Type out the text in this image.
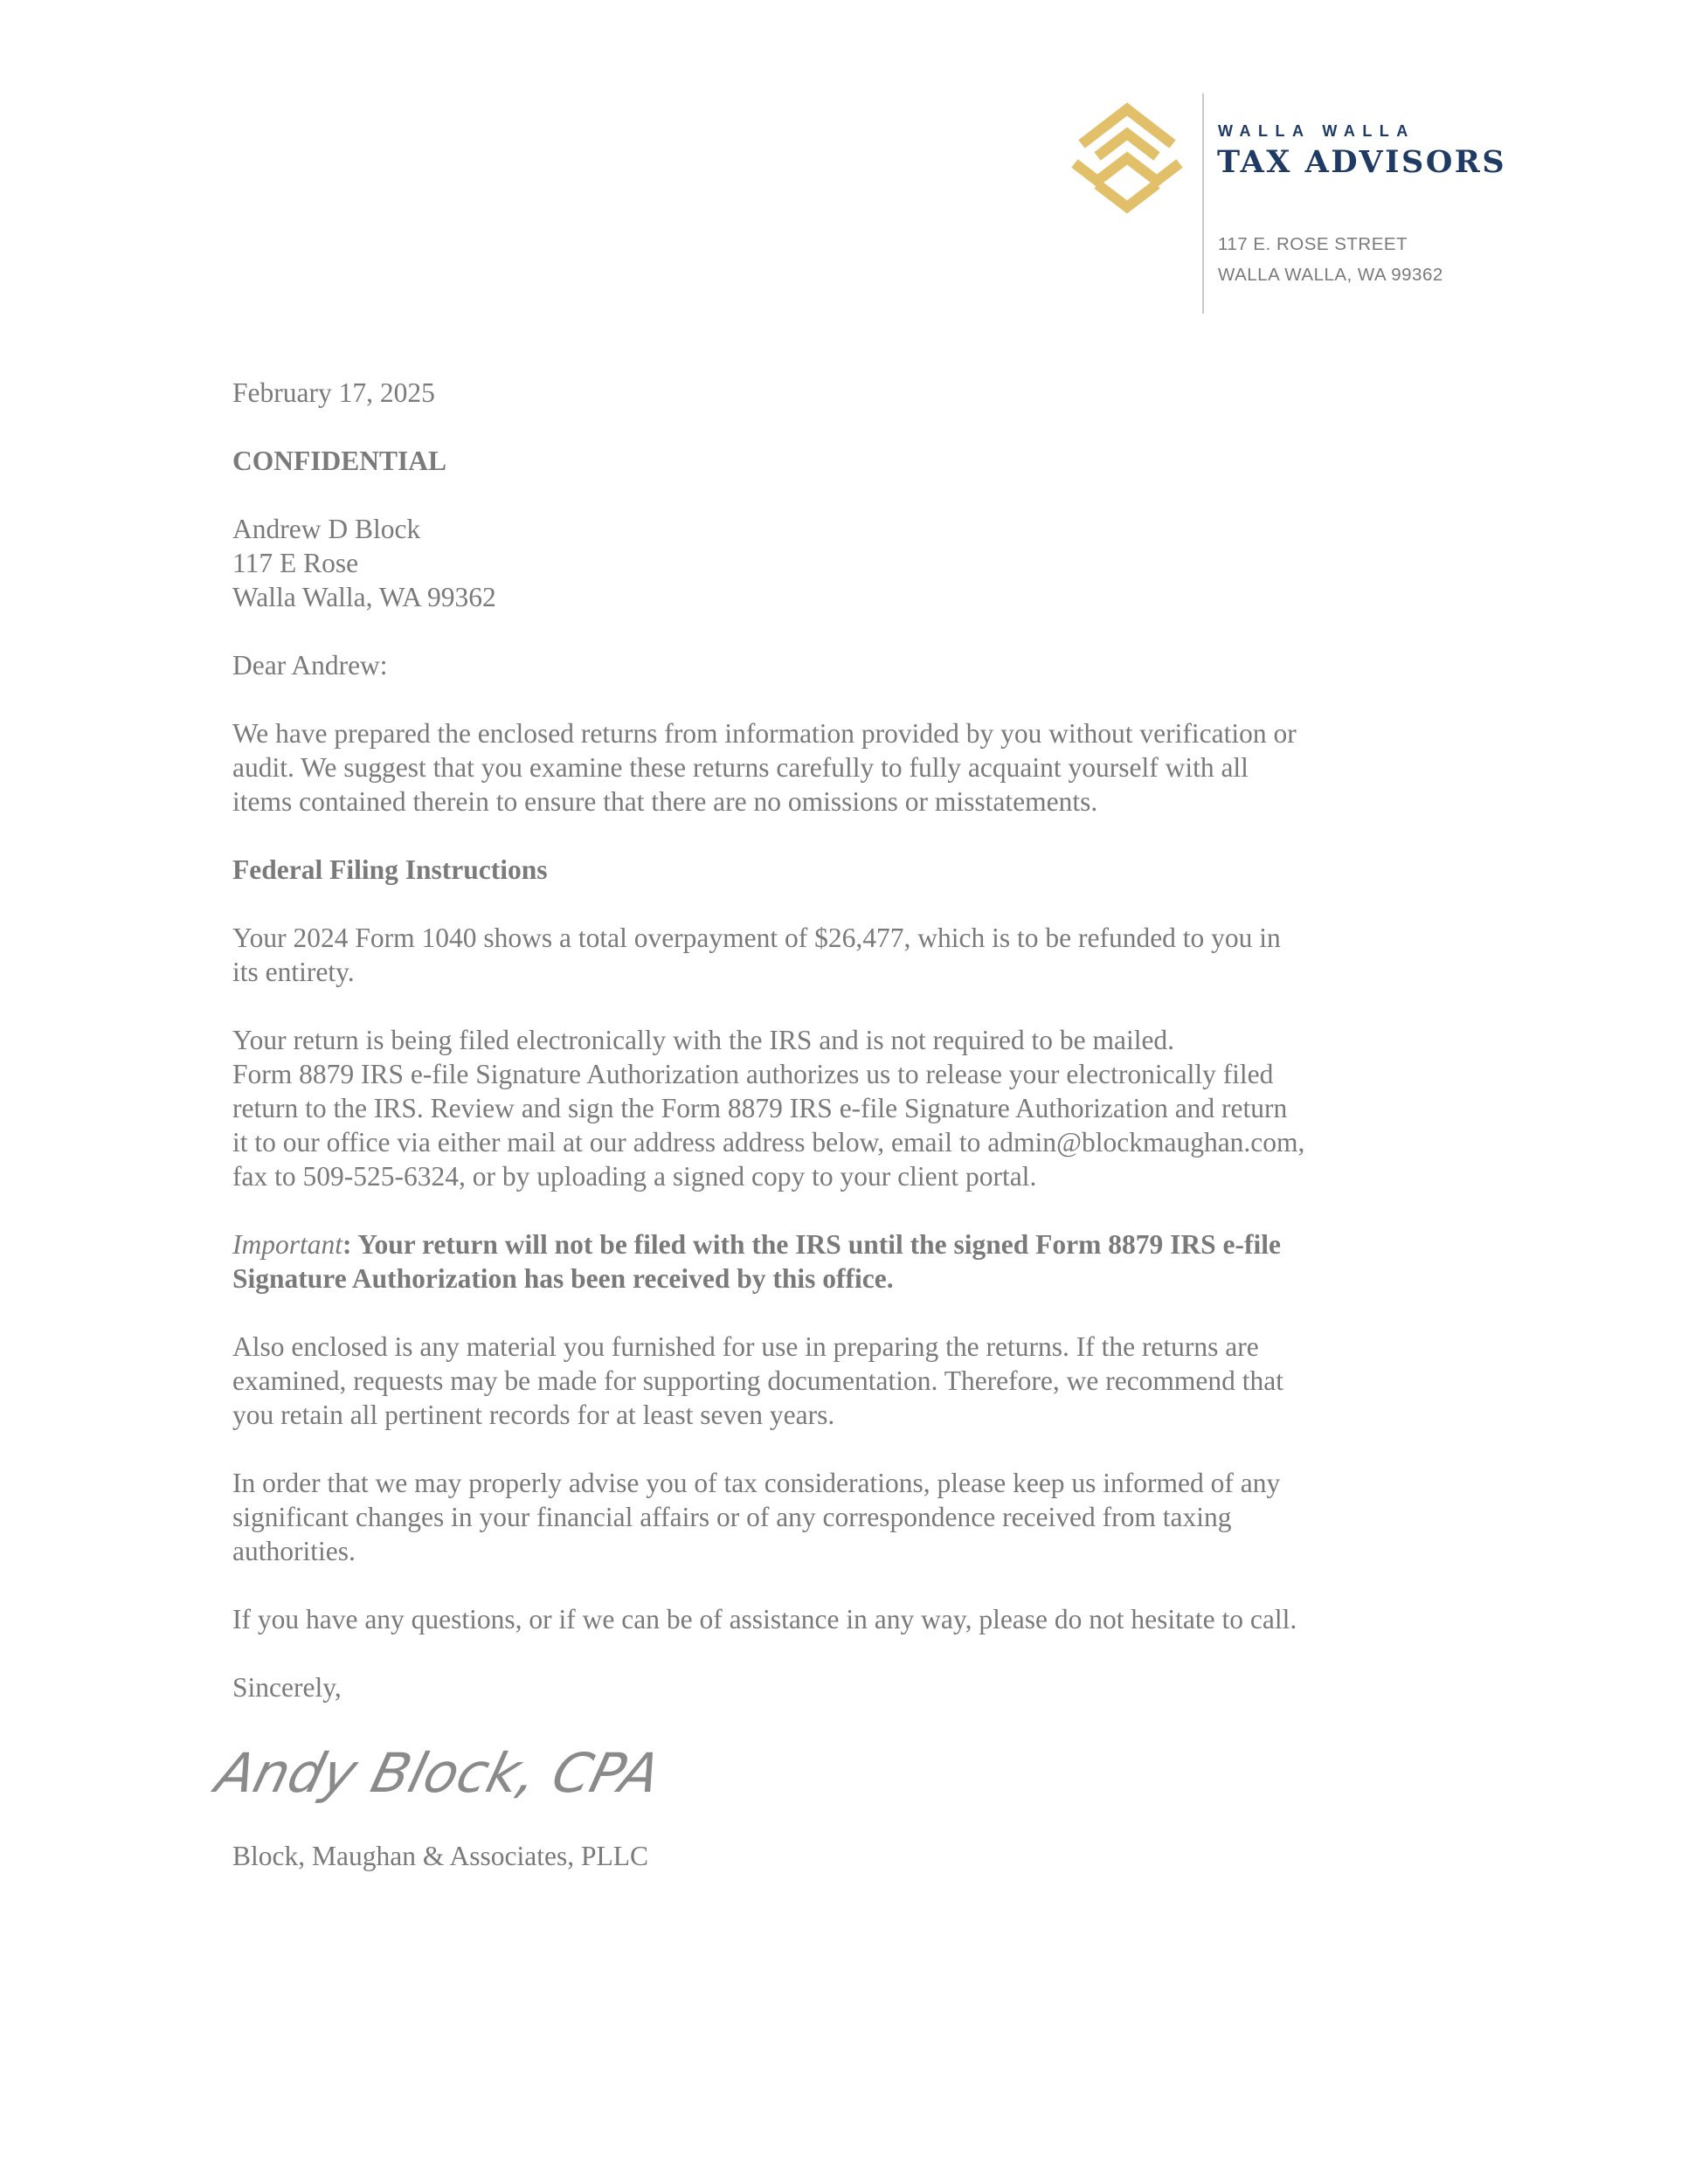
WALLA WALLA
TAX ADVISORS
117 E. ROSE STREET
WALLA WALLA, WA 99362

February 17, 2025

CONFIDENTIAL

Andrew D Block
117 E Rose
Walla Walla, WA 99362

Dear Andrew:

We have prepared the enclosed returns from information provided by you without verification or
audit. We suggest that you examine these returns carefully to fully acquaint yourself with all
items contained therein to ensure that there are no omissions or misstatements.

Federal Filing Instructions

Your 2024 Form 1040 shows a total overpayment of $26,477, which is to be refunded to you in
its entirety.

Your return is being filed electronically with the IRS and is not required to be mailed.
Form 8879 IRS e-file Signature Authorization authorizes us to release your electronically filed
return to the IRS. Review and sign the Form 8879 IRS e-file Signature Authorization and return
it to our office via either mail at our address address below, email to admin@blockmaughan.com,
fax to 509-525-6324, or by uploading a signed copy to your client portal.

Important: Your return will not be filed with the IRS until the signed Form 8879 IRS e-file
Signature Authorization has been received by this office.

Also enclosed is any material you furnished for use in preparing the returns. If the returns are
examined, requests may be made for supporting documentation. Therefore, we recommend that
you retain all pertinent records for at least seven years.

In order that we may properly advise you of tax considerations, please keep us informed of any
significant changes in your financial affairs or of any correspondence received from taxing
authorities.

If you have any questions, or if we can be of assistance in any way, please do not hesitate to call.

Sincerely,

Andy Block, CPA

Block, Maughan & Associates, PLLC
